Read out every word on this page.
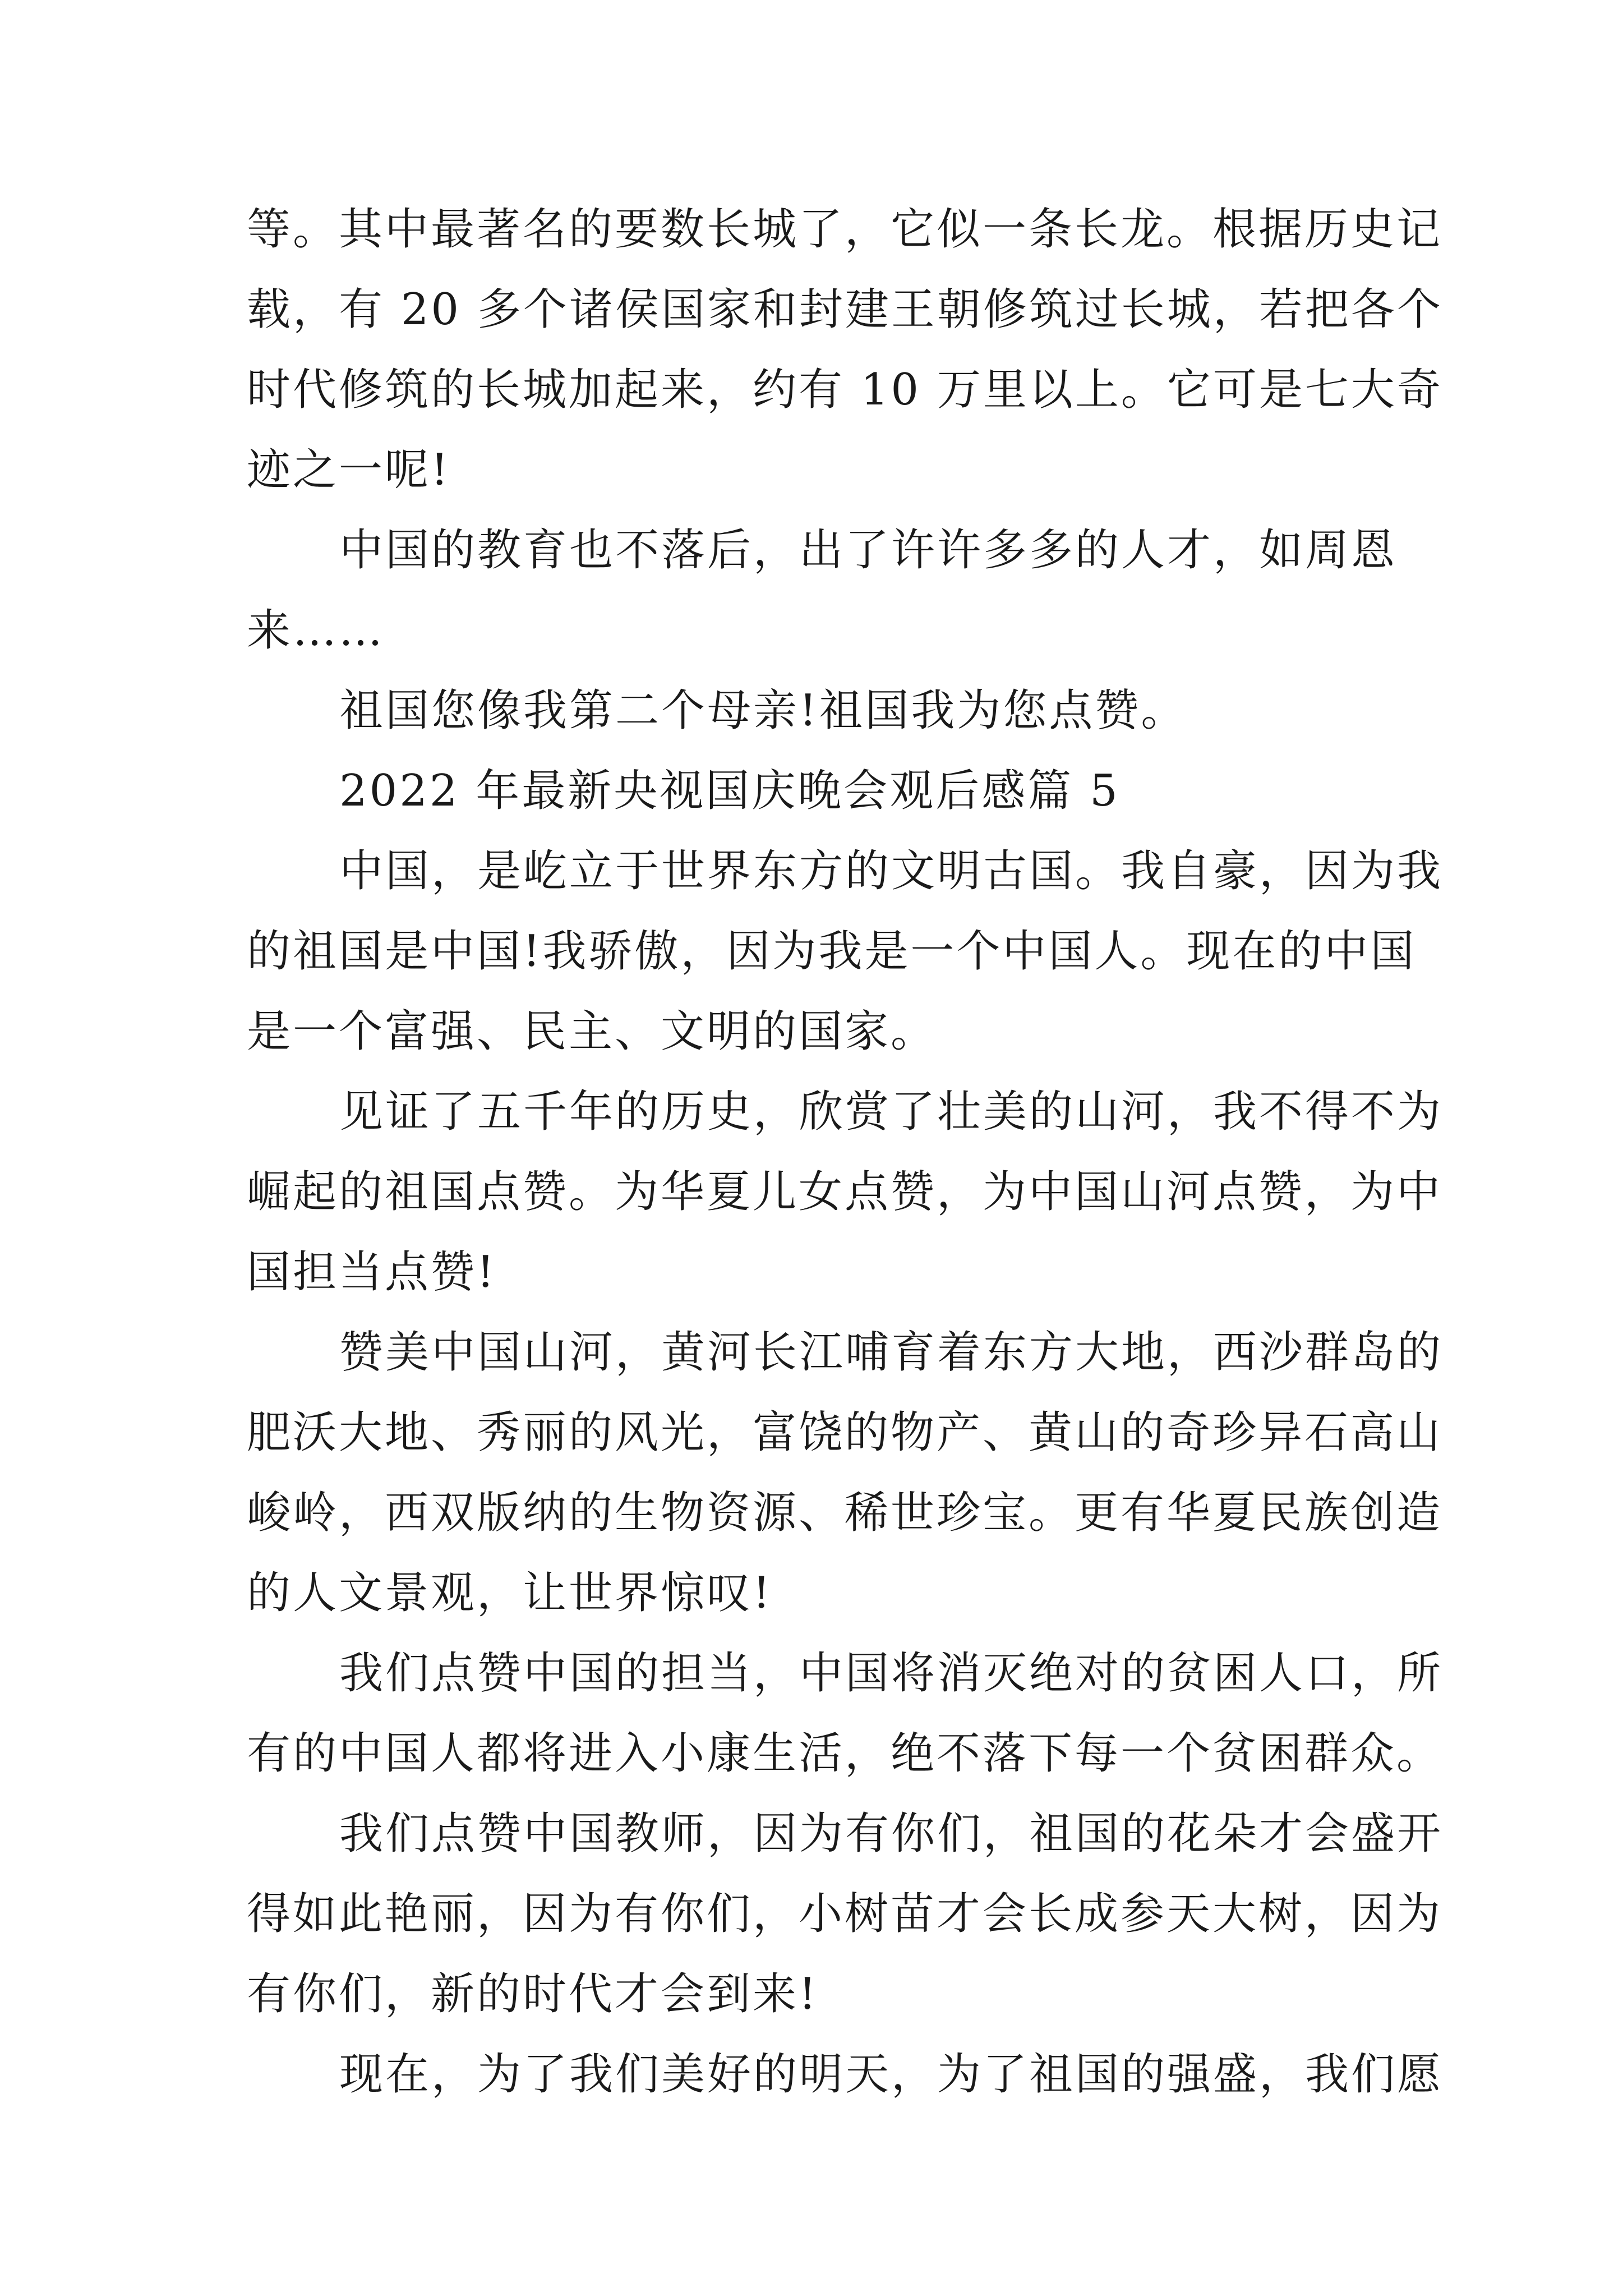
等。其中最著名的要数长城了，它似一条长龙。根据历史记
载，有 20 多个诸侯国家和封建王朝修筑过长城，若把各个
时代修筑的长城加起来，约有 10 万里以上。它可是七大奇
迹之一呢!
中国的教育也不落后，出了许许多多的人才，如周恩
来……
祖国您像我第二个母亲!祖国我为您点赞。
2022 年最新央视国庆晚会观后感篇 5
中国，是屹立于世界东方的文明古国。我自豪，因为我
的祖国是中国!我骄傲，因为我是一个中国人。现在的中国
是一个富强、民主、文明的国家。
见证了五千年的历史，欣赏了壮美的山河，我不得不为
崛起的祖国点赞。为华夏儿女点赞，为中国山河点赞，为中
国担当点赞!
赞美中国山河，黄河长江哺育着东方大地，西沙群岛的
肥沃大地、秀丽的风光，富饶的物产、黄山的奇珍异石高山
峻岭，西双版纳的生物资源、稀世珍宝。更有华夏民族创造
的人文景观，让世界惊叹!
我们点赞中国的担当，中国将消灭绝对的贫困人口，所
有的中国人都将进入小康生活，绝不落下每一个贫困群众。
我们点赞中国教师，因为有你们，祖国的花朵才会盛开
得如此艳丽，因为有你们，小树苗才会长成参天大树，因为
有你们，新的时代才会到来!
现在，为了我们美好的明天，为了祖国的强盛，我们愿
